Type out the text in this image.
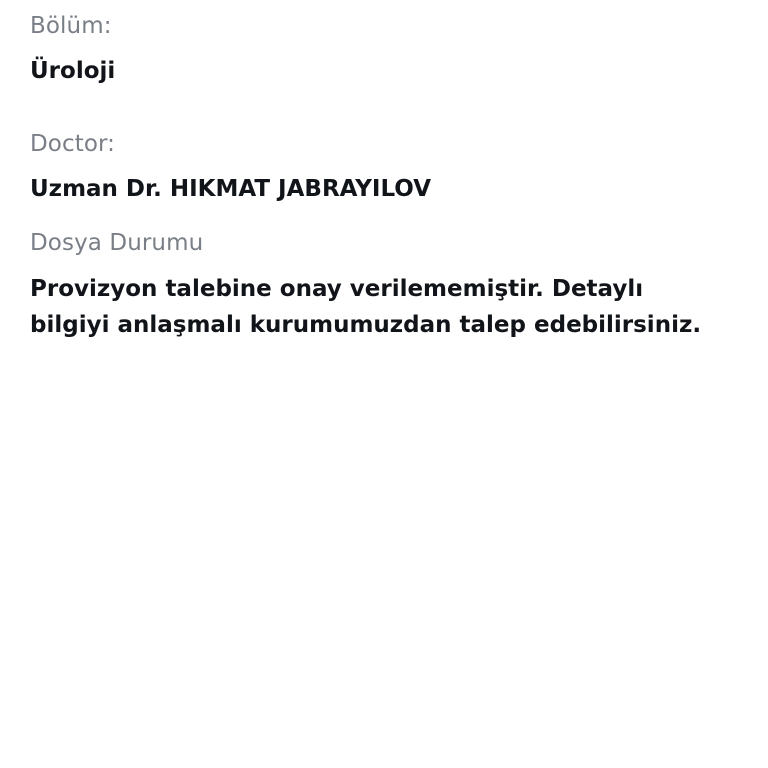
Bölüm:
Üroloji
Doctor:
Uzman Dr. HIKMAT JABRAYILOV
Dosya Durumu
Provizyon talebine onay verilememiştir. Detaylı bilgiyi anlaşmalı kurumumuzdan talep edebilirsiniz.
